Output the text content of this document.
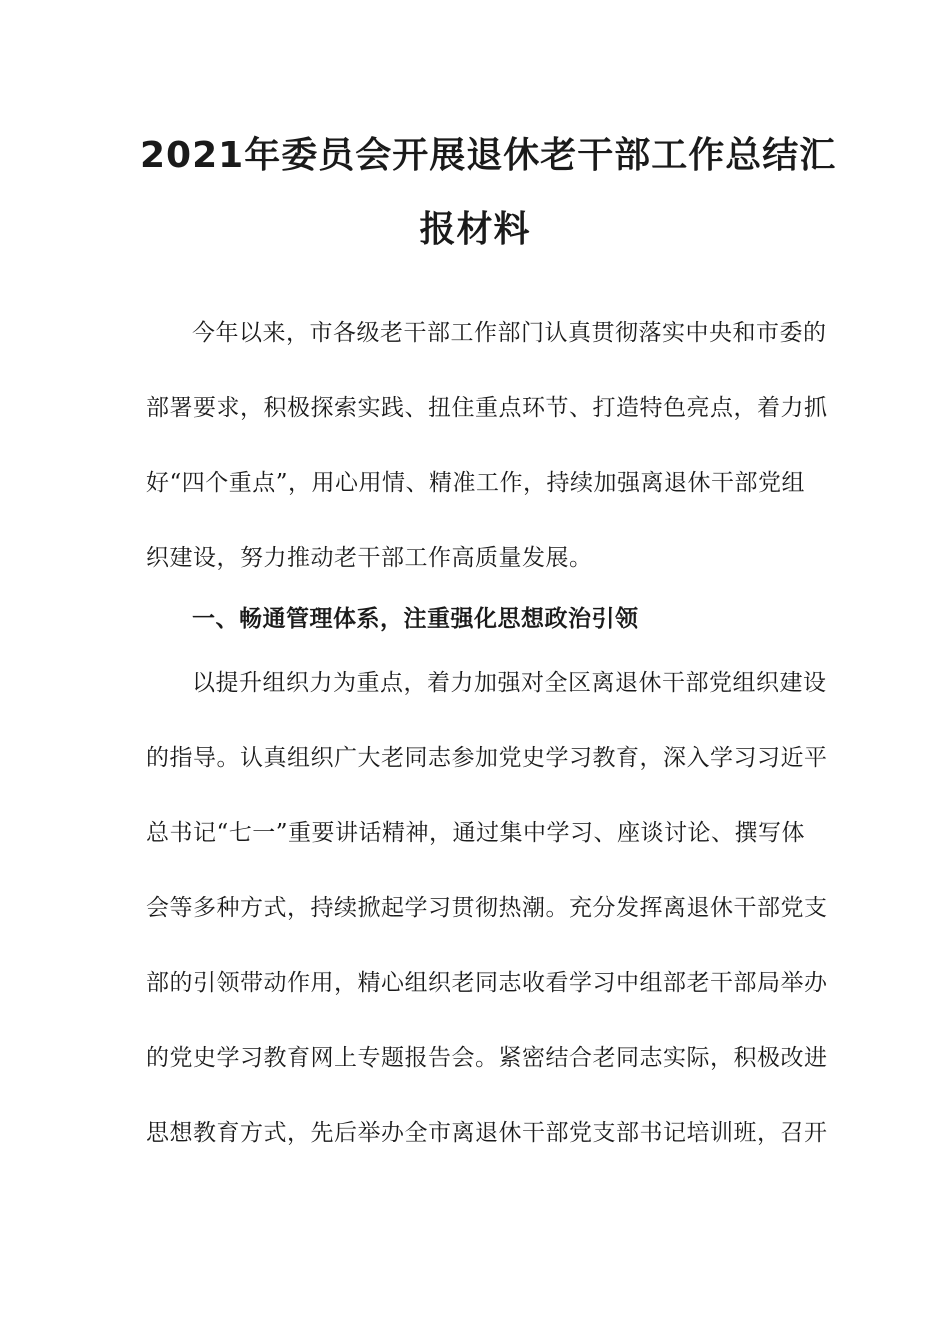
2021年委员会开展退休老干部工作总结汇
报材料
今年以来，市各级老干部工作部门认真贯彻落实中央和市委的
部署要求，积极探索实践、扭住重点环节、打造特色亮点，着力抓
好“四个重点”，用心用情、精准工作，持续加强离退休干部党组
织建设，努力推动老干部工作高质量发展。
一、畅通管理体系，注重强化思想政治引领
以提升组织力为重点，着力加强对全区离退休干部党组织建设
的指导。认真组织广大老同志参加党史学习教育，深入学习习近平
总书记“七一”重要讲话精神，通过集中学习、座谈讨论、撰写体
会等多种方式，持续掀起学习贯彻热潮。充分发挥离退休干部党支
部的引领带动作用，精心组织老同志收看学习中组部老干部局举办
的党史学习教育网上专题报告会。紧密结合老同志实际，积极改进
思想教育方式，先后举办全市离退休干部党支部书记培训班，召开
